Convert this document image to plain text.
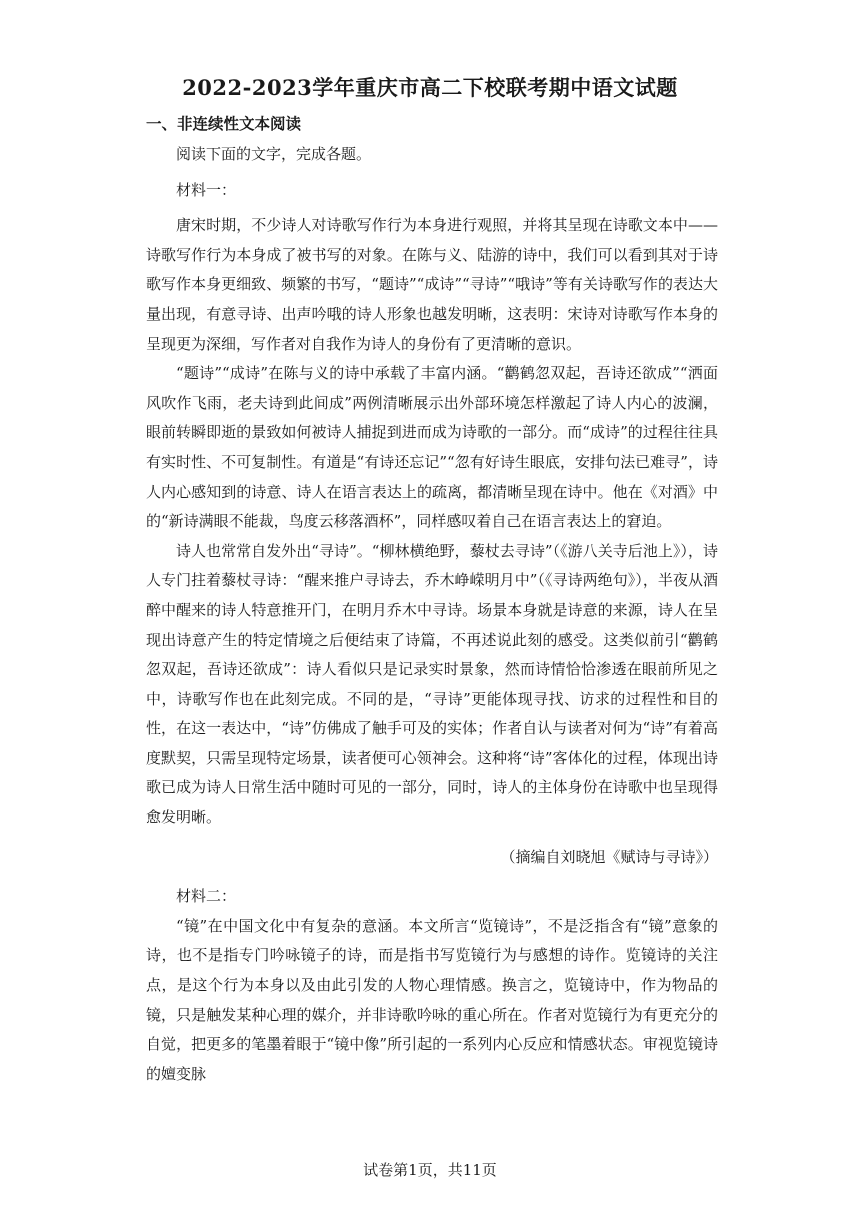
2022-2023学年重庆市高二下校联考期中语文试题
一、非连续性文本阅读

阅读下面的文字，完成各题。

材料一：

唐宋时期，不少诗人对诗歌写作行为本身进行观照，并将其呈现在诗歌文本中——诗歌写作行为本身成了被书写的对象。在陈与义、陆游的诗中，我们可以看到其对于诗歌写作本身更细致、频繁的书写，“题诗”“成诗”“寻诗”“哦诗”等有关诗歌写作的表达大量出现，有意寻诗、出声吟哦的诗人形象也越发明晰，这表明：宋诗对诗歌写作本身的呈现更为深细，写作者对自我作为诗人的身份有了更清晰的意识。

“题诗”“成诗”在陈与义的诗中承载了丰富内涵。“鹳鹤忽双起，吾诗还欲成”“洒面风吹作飞雨，老夫诗到此间成”两例清晰展示出外部环境怎样激起了诗人内心的波澜，眼前转瞬即逝的景致如何被诗人捕捉到进而成为诗歌的一部分。而“成诗”的过程往往具有实时性、不可复制性。有道是“有诗还忘记”“忽有好诗生眼底，安排句法已难寻”，诗人内心感知到的诗意、诗人在语言表达上的疏离，都清晰呈现在诗中。他在《对酒》中的“新诗满眼不能裁，鸟度云移落酒杯”，同样感叹着自己在语言表达上的窘迫。

诗人也常常自发外出“寻诗”。“柳林横绝野，藜杖去寻诗”（《游八关寺后池上》），诗人专门拄着藜杖寻诗：“醒来推户寻诗去，乔木峥嵘明月中”（《寻诗两绝句》），半夜从酒醉中醒来的诗人特意推开门，在明月乔木中寻诗。场景本身就是诗意的来源，诗人在呈现出诗意产生的特定情境之后便结束了诗篇，不再述说此刻的感受。这类似前引“鹳鹤忽双起，吾诗还欲成”：诗人看似只是记录实时景象，然而诗情恰恰渗透在眼前所见之中，诗歌写作也在此刻完成。不同的是，“寻诗”更能体现寻找、访求的过程性和目的性，在这一表达中，“诗”仿佛成了触手可及的实体；作者自认与读者对何为“诗”有着高度默契，只需呈现特定场景，读者便可心领神会。这种将“诗”客体化的过程，体现出诗歌已成为诗人日常生活中随时可见的一部分，同时，诗人的主体身份在诗歌中也呈现得愈发明晰。

（摘编自刘晓旭《赋诗与寻诗》）

材料二：

“镜”在中国文化中有复杂的意涵。本文所言“览镜诗”，不是泛指含有“镜”意象的诗，也不是指专门吟咏镜子的诗，而是指书写览镜行为与感想的诗作。览镜诗的关注点，是这个行为本身以及由此引发的人物心理情感。换言之，览镜诗中，作为物品的镜，只是触发某种心理的媒介，并非诗歌吟咏的重心所在。作者对览镜行为有更充分的自觉，把更多的笔墨着眼于“镜中像”所引起的一系列内心反应和情感状态。审视览镜诗的嬗变脉

试卷第1页，共11页
